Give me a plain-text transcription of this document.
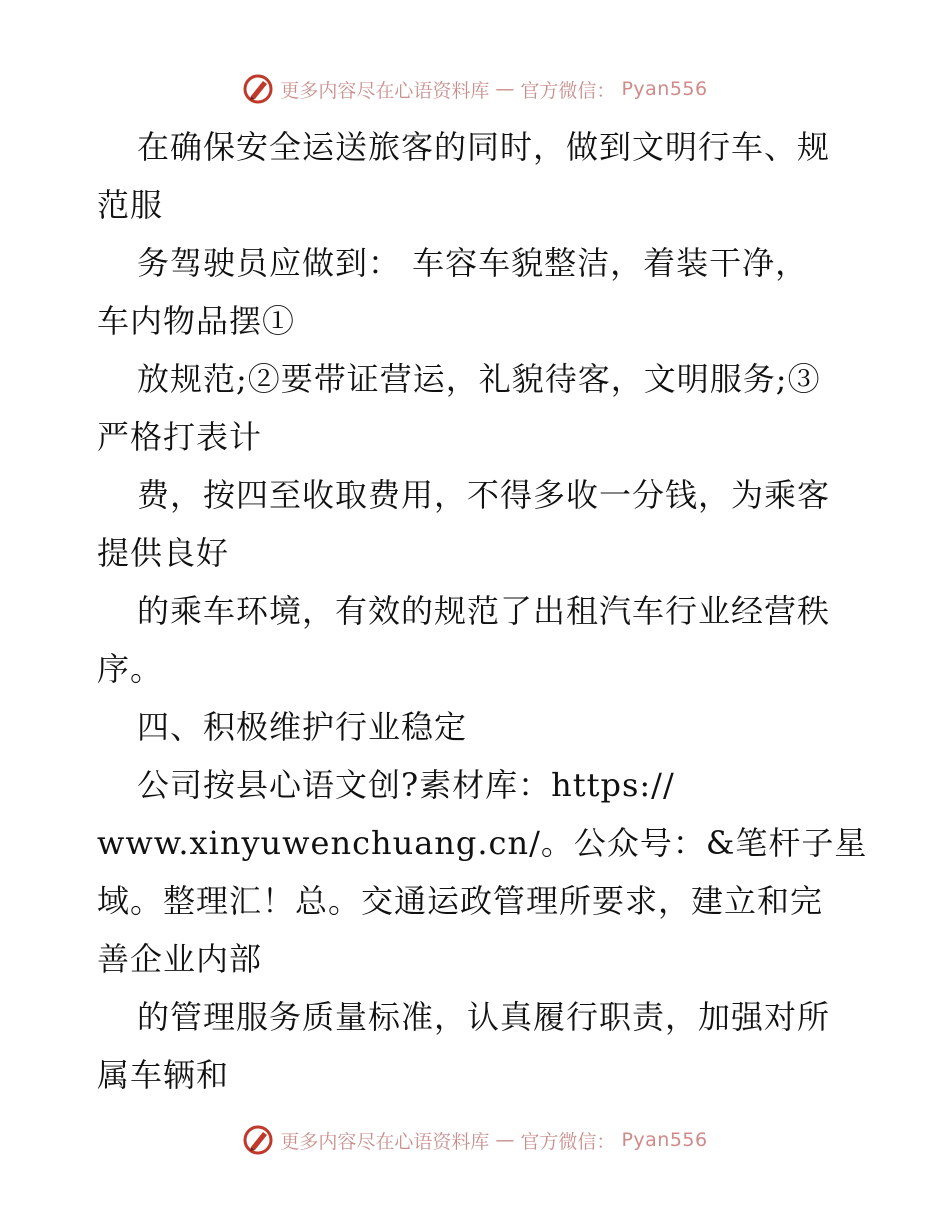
更多内容尽在心语资料库 — 官方微信： Pyan556
在确保安全运送旅客的同时，做到文明行车、规
范服
务驾驶员应做到： 车容车貌整洁，着装干净，
车内物品摆①
放规范;②要带证营运，礼貌待客，文明服务;③
严格打表计
费，按四至收取费用，不得多收一分钱，为乘客
提供良好
的乘车环境，有效的规范了出租汽车行业经营秩
序。
四、积极维护行业稳定
公司按县心语文创?素材库：https://
www.xinyuwenchuang.cn/。公众号：&笔杆子星
域。整理汇！总。交通运政管理所要求，建立和完
善企业内部
的管理服务质量标准，认真履行职责，加强对所
属车辆和
更多内容尽在心语资料库 — 官方微信： Pyan556
